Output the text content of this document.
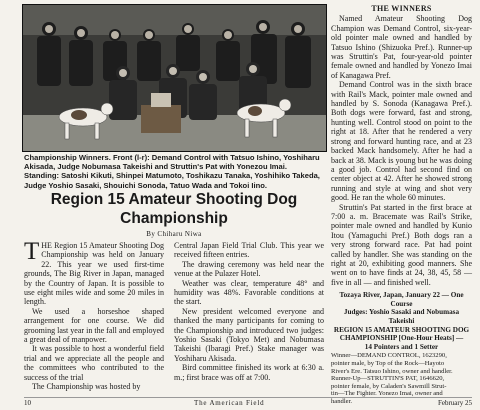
Championship Winners. Front (l-r): Demand Control with Tatsuo Ishino, Yoshiharu Akisada, Judge Nobumasa Takeishi and Struttin's Pat with Yonezou Imai. Standing: Satoshi Kikuti, Shinpei Matumoto, Toshikazu Tanaka, Yoshihiko Takeda, Judge Yoshio Sasaki, Shouichi Sonoda, Tatuo Wada and Tokoi Iino.

Region 15 Amateur Shooting Dog Championship

By Chiharu Niwa

THE Region 15 Amateur Shooting Dog Championship was held on January 22. This year we used first-time grounds, The Big River in Japan, managed by the Country of Japan. It is possible to use eight miles wide and some 20 miles in length.

We used a horseshoe shaped arrangement for one course. We did grooming last year in the fall and employed a great deal of manpower.

It was possible to host a wonderful field trial and we appreciate all the people and the committees who contributed to the success of the trial

The Championship was hosted by

Central Japan Field Trial Club. This year we received fifteen entries.

The drawing ceremony was held near the venue at the Pulazer Hotel.

Weather was clear, temperature 48° and humidity was 48%. Favorable conditions at the start.

New president welcomed everyone and thanked the many participants for coming to the Championship and introduced two judges: Yoshio Sasaki (Tokyo Met) and Nobumasa Takeishi (Ibaragi Pref.) Stake manager was Yoshiharu Akisada.

Bird committee finished its work at 6:30 a. m.; first brace was off at 7:00.

THE WINNERS

Named Amateur Shooting Dog Champion was Demand Control, six-year-old pointer male owned and handled by Tatsuo Ishino (Shizuoka Pref.). Runner-up was Struttin's Pat, four-year-old pointer female owned and handled by Yonezo Imai of Kanagawa Pref.

Demand Control was in the sixth brace with Rail's Mack, pointer male owned and handled by S. Sonoda (Kanagawa Pref.). Both dogs were forward, fast and strong, hunting well. Control stood on point to the right at 18. After that he rendered a very strong and forward hunting race, and at 23 backed Mack handsomely. After he had a back at 38. Mack is young but he was doing a good job. Control had second find on center object at 42. After he showed strong running and style at wing and shot very good. He ran the whole 60 minutes.

Struttin's Pat started in the first brace at 7:00 a. m. Bracemate was Rail's Strike, pointer male owned and handled by Kunio Itou (Yamaguchi Pref.) Both dogs ran a very strong forward race. Pat had point called by handler. She was standing on the right at 20, exhibiting good manners. She went on to have finds at 24, 38, 45, 58 — five in all — and finished well.

Tozaya River, Japan, January 22 — One Course
Judges: Yoshio Sasaki and Nobumasa Takeishi
REGION 15 AMATEUR SHOOTING DOG
CHAMPIONSHIP [One-Hour Heats] —
14 Pointers and 1 Setter
Winner—DEMAND CONTROL, 1623290,
pointer male, by Top of the Rock—Hayoto
River's Ere. Tatsuo Ishino, owner and handler.
Runner-Up—STRUTTIN'S PAT, 1646620,
pointer female, by Caladen's Sawmill Strut-
tin—The Fighter. Yonezo Imai, owner and
handler.
10	The American Field	February 25
